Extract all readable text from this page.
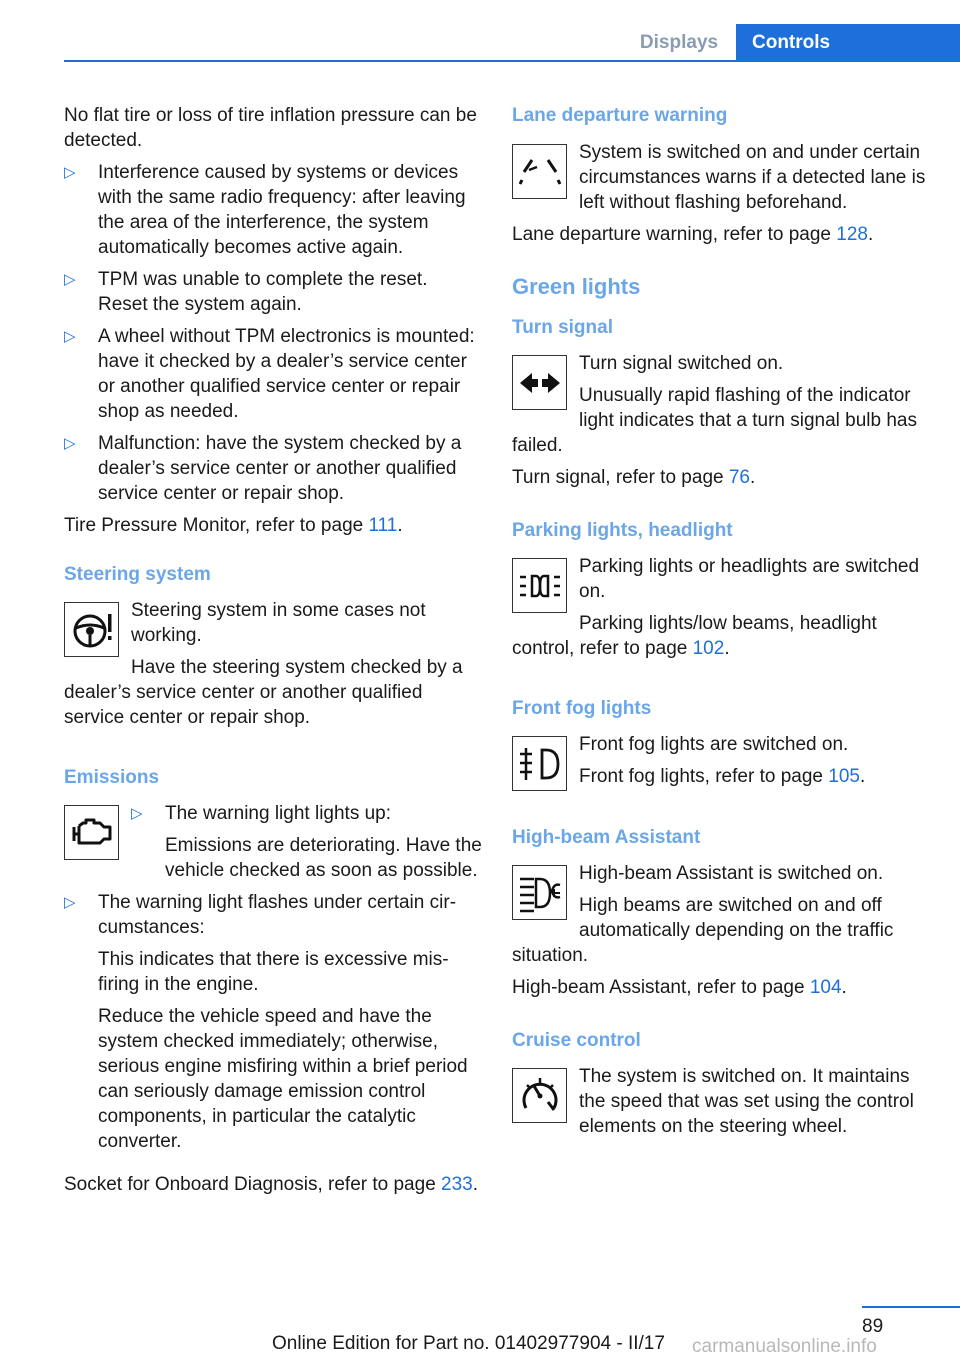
Displays	Controls

No flat tire or loss of tire inflation pressure can be detected.

▷ Interference caused by systems or devices with the same radio frequency: after leaving the area of the interference, the system automatically becomes active again.

▷ TPM was unable to complete the reset. Reset the system again.

▷ A wheel without TPM electronics is mounted: have it checked by a dealer’s service center or another qualified service center or repair shop as needed.

▷ Malfunction: have the system checked by a dealer’s service center or another qualified service center or repair shop.

Tire Pressure Monitor, refer to page 111.

Steering system

Steering system in some cases not working.

Have the steering system checked by a dealer’s service center or another qualified service center or repair shop.

Emissions
▷ The warning light lights up:

Emissions are deteriorating. Have the vehicle checked as soon as possible.

▷ The warning light flashes under certain circumstances:

This indicates that there is excessive misfiring in the engine.

Reduce the vehicle speed and have the system checked immediately; otherwise, serious engine misfiring within a brief period can seriously damage emission control components, in particular the catalytic converter.

Socket for Onboard Diagnosis, refer to page 233.

Lane departure warning

System is switched on and under certain circumstances warns if a detected lane is left without flashing beforehand.

Lane departure warning, refer to page 128.

Green lights
Turn signal

Turn signal switched on.

Unusually rapid flashing of the indicator light indicates that a turn signal bulb has failed.

Turn signal, refer to page 76.

Parking lights, headlight

Parking lights or headlights are switched on.

Parking lights/low beams, headlight control, refer to page 102.

Front fog lights

Front fog lights are switched on.

Front fog lights, refer to page 105.

High-beam Assistant

High-beam Assistant is switched on.

High beams are switched on and off automatically depending on the traffic situation.

High-beam Assistant, refer to page 104.

Cruise control

The system is switched on. It maintains the speed that was set using the control elements on the steering wheel.

89
Online Edition for Part no. 01402977904 - II/17 carmanualsonline.info
